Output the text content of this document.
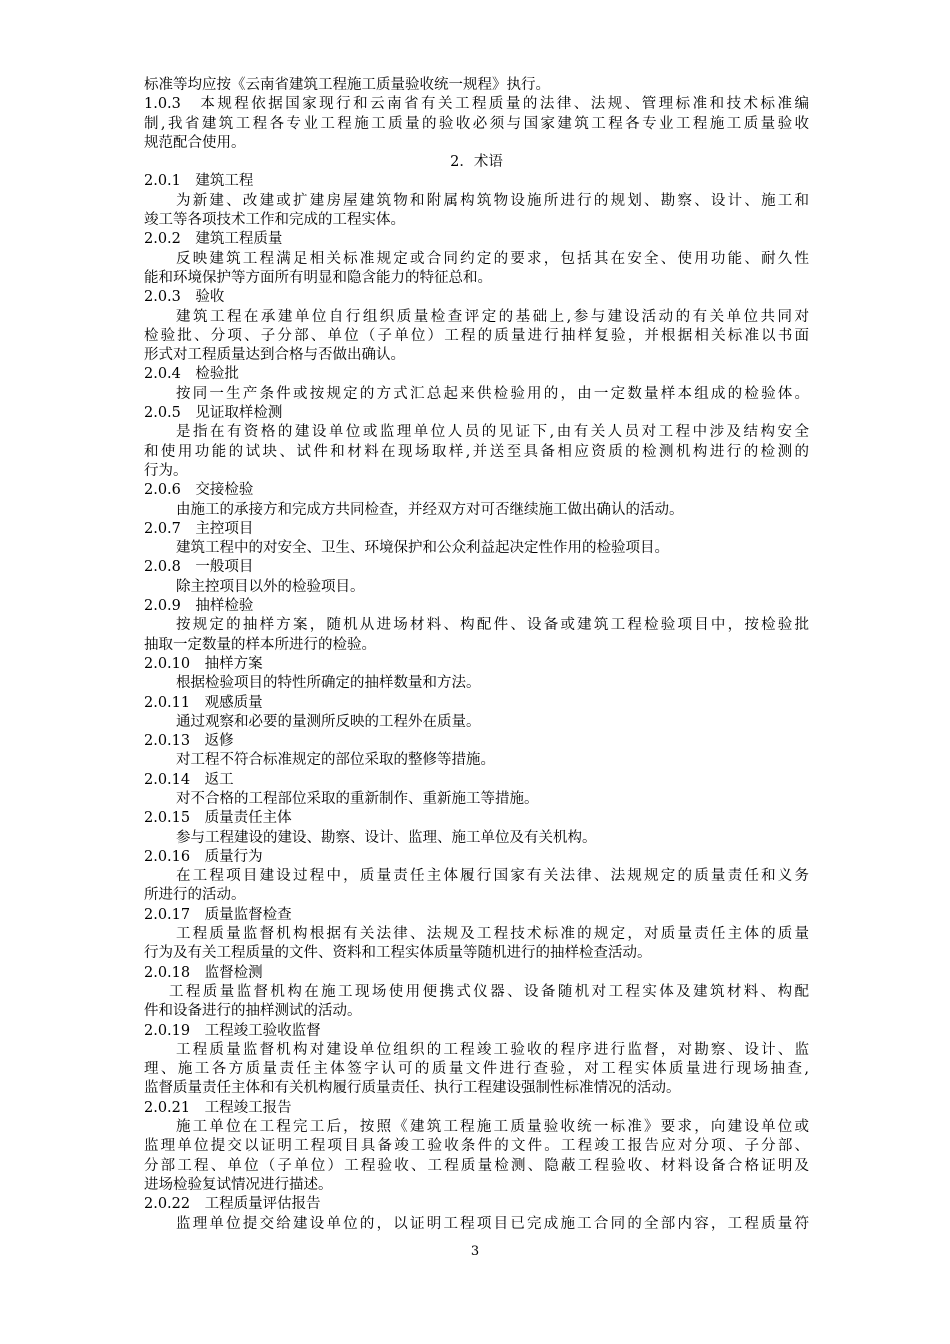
标准等均应按《云南省建筑工程施工质量验收统一规程》执行。
1.0.3　本规程依据国家现行和云南省有关工程质量的法律、法规、管理标准和技术标准编
制,我省建筑工程各专业工程施工质量的验收必须与国家建筑工程各专业工程施工质量验收
规范配合使用。
2．术语
2.0.1　建筑工程
为新建、改建或扩建房屋建筑物和附属构筑物设施所进行的规划、勘察、设计、施工和
竣工等各项技术工作和完成的工程实体。
2.0.2　建筑工程质量
反映建筑工程满足相关标准规定或合同约定的要求，包括其在安全、使用功能、耐久性
能和环境保护等方面所有明显和隐含能力的特征总和。
2.0.3　验收
建筑工程在承建单位自行组织质量检查评定的基础上,参与建设活动的有关单位共同对
检验批、分项、子分部、单位（子单位）工程的质量进行抽样复验，并根据相关标准以书面
形式对工程质量达到合格与否做出确认。
2.0.4　检验批
按同一生产条件或按规定的方式汇总起来供检验用的，由一定数量样本组成的检验体。
2.0.5　见证取样检测
是指在有资格的建设单位或监理单位人员的见证下,由有关人员对工程中涉及结构安全
和使用功能的试块、试件和材料在现场取样,并送至具备相应资质的检测机构进行的检测的
行为。
2.0.6　交接检验
由施工的承接方和完成方共同检查，并经双方对可否继续施工做出确认的活动。
2.0.7　主控项目
建筑工程中的对安全、卫生、环境保护和公众利益起决定性作用的检验项目。
2.0.8　一般项目
除主控项目以外的检验项目。
2.0.9　抽样检验
按规定的抽样方案，随机从进场材料、构配件、设备或建筑工程检验项目中，按检验批
抽取一定数量的样本所进行的检验。
2.0.10　抽样方案
根据检验项目的特性所确定的抽样数量和方法。
2.0.11　观感质量
通过观察和必要的量测所反映的工程外在质量。
2.0.13　返修
对工程不符合标准规定的部位采取的整修等措施。
2.0.14　返工
对不合格的工程部位采取的重新制作、重新施工等措施。
2.0.15　质量责任主体
参与工程建设的建设、勘察、设计、监理、施工单位及有关机构。
2.0.16　质量行为
在工程项目建设过程中，质量责任主体履行国家有关法律、法规规定的质量责任和义务
所进行的活动。
2.0.17　质量监督检查
工程质量监督机构根据有关法律、法规及工程技术标准的规定，对质量责任主体的质量
行为及有关工程质量的文件、资料和工程实体质量等随机进行的抽样检查活动。
2.0.18　监督检测
工程质量监督机构在施工现场使用便携式仪器、设备随机对工程实体及建筑材料、构配
件和设备进行的抽样测试的活动。
2.0.19　工程竣工验收监督
工程质量监督机构对建设单位组织的工程竣工验收的程序进行监督，对勘察、设计、监
理、施工各方质量责任主体签字认可的质量文件进行查验，对工程实体质量进行现场抽查,
监督质量责任主体和有关机构履行质量责任、执行工程建设强制性标准情况的活动。
2.0.21　工程竣工报告
施工单位在工程完工后，按照《建筑工程施工质量验收统一标准》要求，向建设单位或
监理单位提交以证明工程项目具备竣工验收条件的文件。工程竣工报告应对分项、子分部、
分部工程、单位（子单位）工程验收、工程质量检测、隐蔽工程验收、材料设备合格证明及
进场检验复试情况进行描述。
2.0.22　工程质量评估报告
监理单位提交给建设单位的，以证明工程项目已完成施工合同的全部内容，工程质量符
3
